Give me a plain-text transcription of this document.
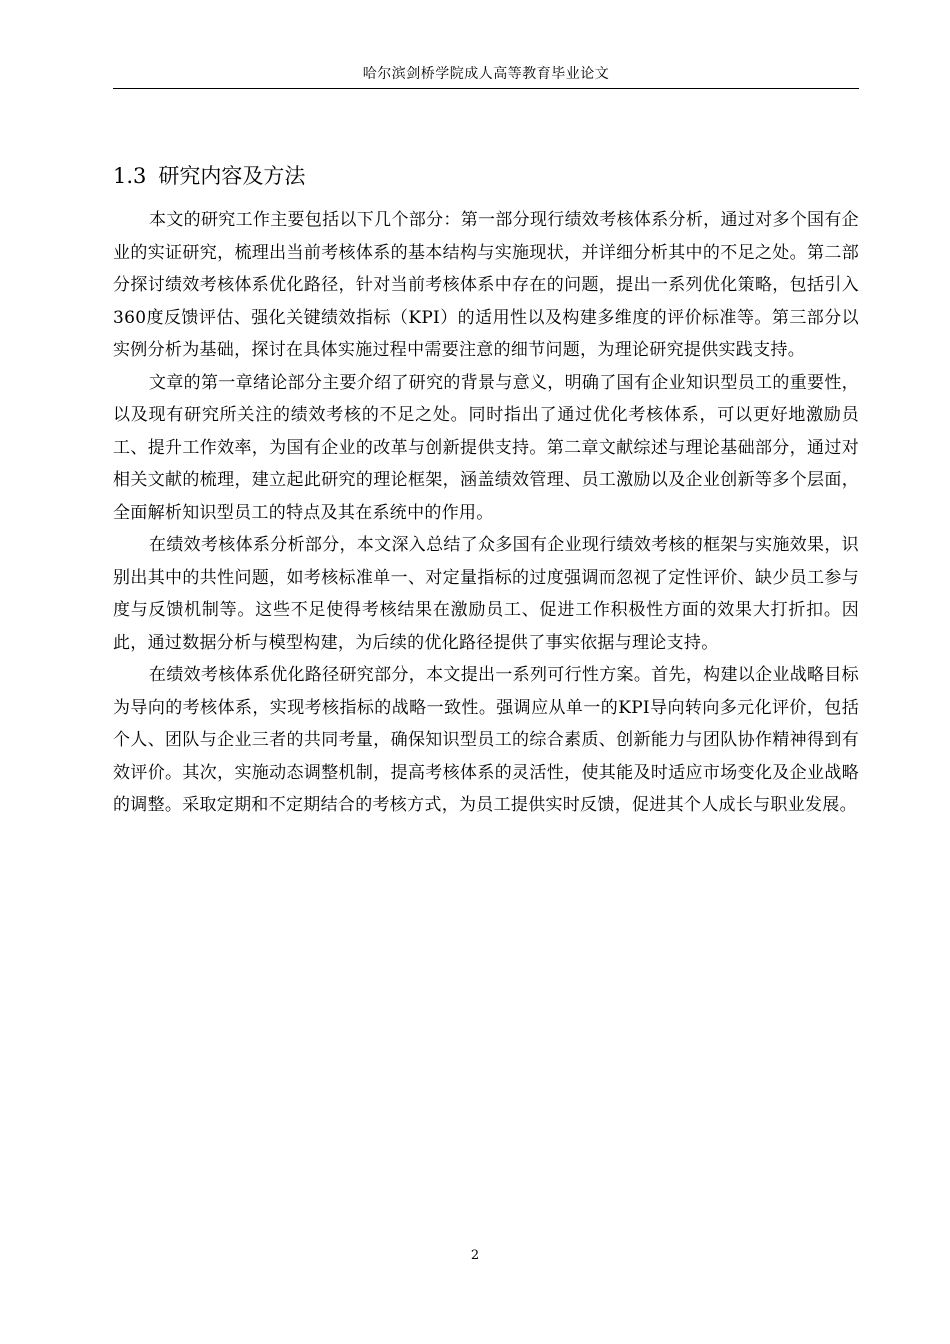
哈尔滨剑桥学院成人高等教育毕业论文
1.3 研究内容及方法

本文的研究工作主要包括以下几个部分：第一部分现行绩效考核体系分析，通过对多个国有企业的实证研究，梳理出当前考核体系的基本结构与实施现状，并详细分析其中的不足之处。第二部分探讨绩效考核体系优化路径，针对当前考核体系中存在的问题，提出一系列优化策略，包括引入360度反馈评估、强化关键绩效指标（KPI）的适用性以及构建多维度的评价标准等。第三部分以实例分析为基础，探讨在具体实施过程中需要注意的细节问题，为理论研究提供实践支持。

文章的第一章绪论部分主要介绍了研究的背景与意义，明确了国有企业知识型员工的重要性，以及现有研究所关注的绩效考核的不足之处。同时指出了通过优化考核体系，可以更好地激励员工、提升工作效率，为国有企业的改革与创新提供支持。第二章文献综述与理论基础部分，通过对相关文献的梳理，建立起此研究的理论框架，涵盖绩效管理、员工激励以及企业创新等多个层面，全面解析知识型员工的特点及其在系统中的作用。

在绩效考核体系分析部分，本文深入总结了众多国有企业现行绩效考核的框架与实施效果，识别出其中的共性问题，如考核标准单一、对定量指标的过度强调而忽视了定性评价、缺少员工参与度与反馈机制等。这些不足使得考核结果在激励员工、促进工作积极性方面的效果大打折扣。因此，通过数据分析与模型构建，为后续的优化路径提供了事实依据与理论支持。

在绩效考核体系优化路径研究部分，本文提出一系列可行性方案。首先，构建以企业战略目标为导向的考核体系，实现考核指标的战略一致性。强调应从单一的KPI导向转向多元化评价，包括个人、团队与企业三者的共同考量，确保知识型员工的综合素质、创新能力与团队协作精神得到有效评价。其次，实施动态调整机制，提高考核体系的灵活性，使其能及时适应市场变化及企业战略的调整。采取定期和不定期结合的考核方式，为员工提供实时反馈，促进其个人成长与职业发展。

2
